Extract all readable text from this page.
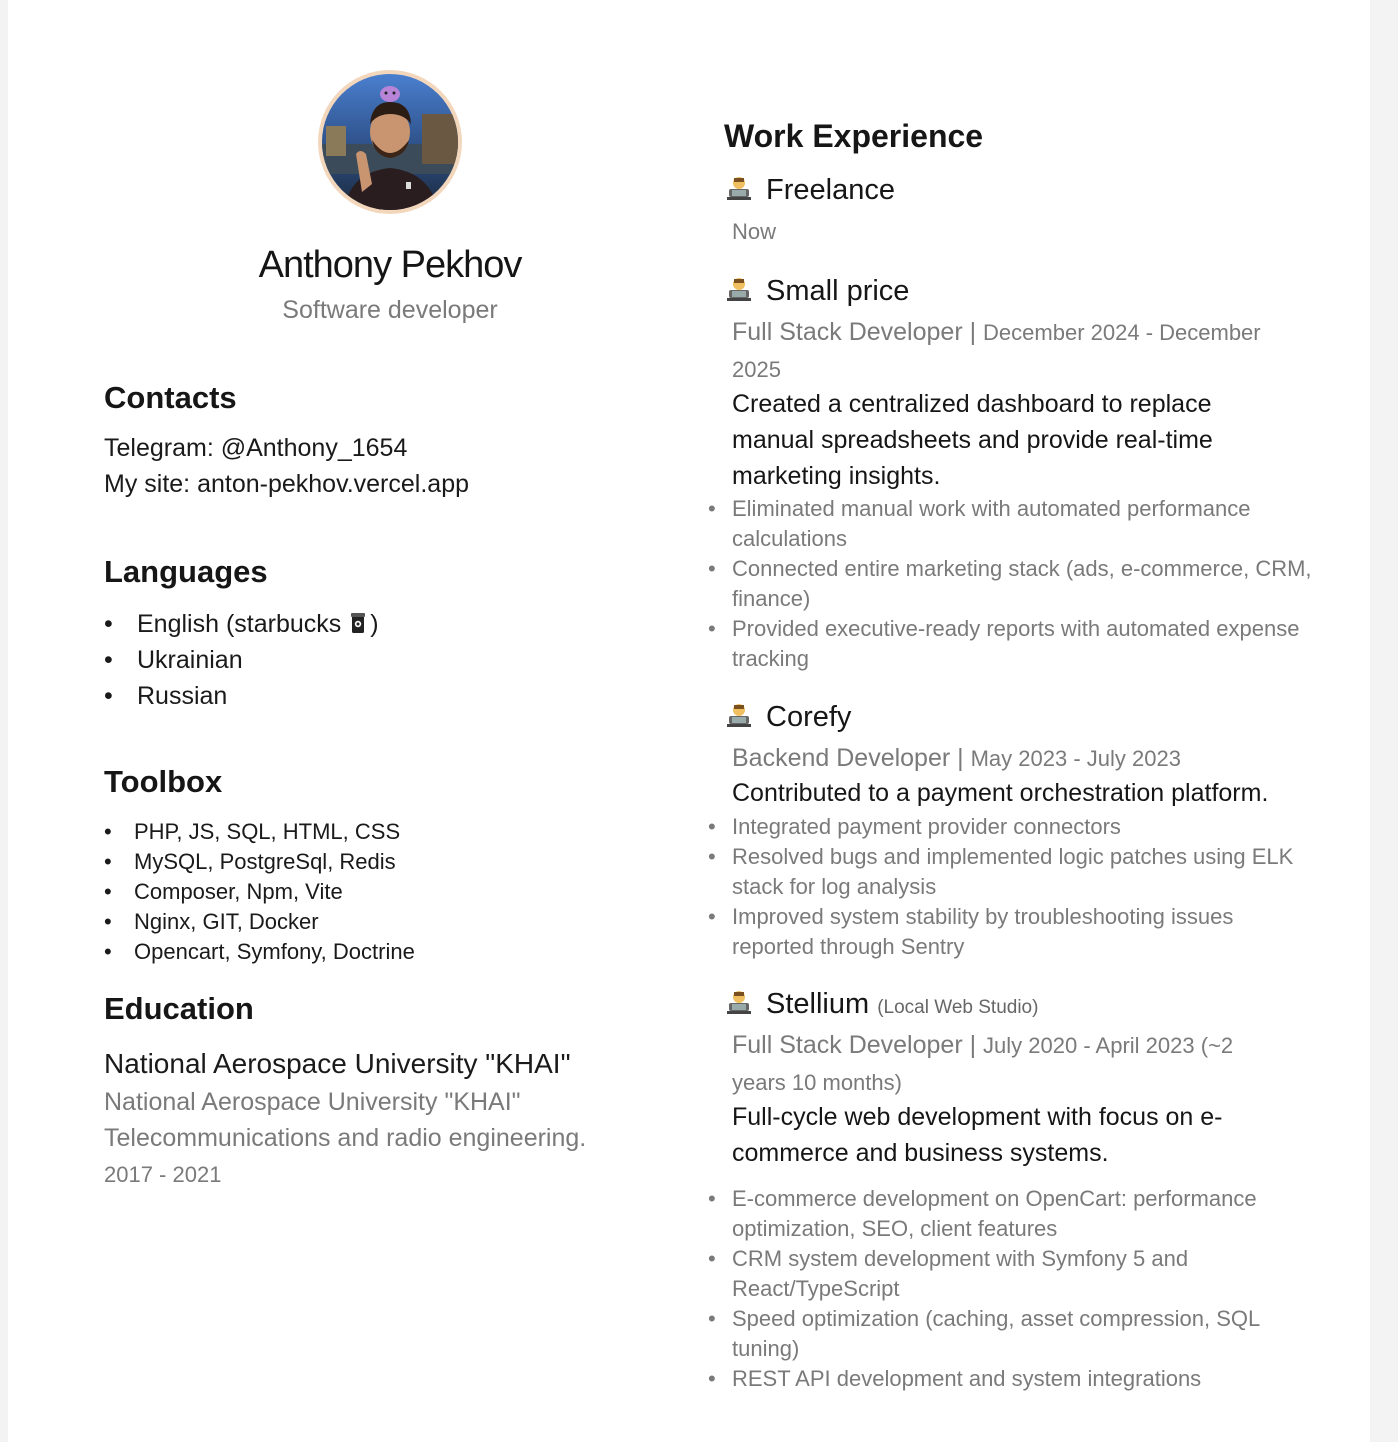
Anthony Pekhov
Software developer
Contacts
Telegram: @Anthony_1654
My site: anton-pekhov.vercel.app
Languages
• English (starbucks )
• Ukrainian
• Russian
Toolbox
• PHP, JS, SQL, HTML, CSS
• MySQL, PostgreSql, Redis
• Composer, Npm, Vite
• Nginx, GIT, Docker
• Opencart, Symfony, Doctrine
Education
National Aerospace University "KHAI"
National Aerospace University "KHAI"
Telecommunications and radio engineering.
2017 - 2021
Work Experience
Freelance
Now
Small price
Full Stack Developer | December 2024 - December 2025
Created a centralized dashboard to replace manual spreadsheets and provide real-time marketing insights.
• Eliminated manual work with automated performance calculations
• Connected entire marketing stack (ads, e-commerce, CRM, finance)
• Provided executive-ready reports with automated expense tracking
Corefy
Backend Developer | May 2023 - July 2023
Contributed to a payment orchestration platform.
• Integrated payment provider connectors
• Resolved bugs and implemented logic patches using ELK stack for log analysis
• Improved system stability by troubleshooting issues reported through Sentry
Stellium (Local Web Studio)
Full Stack Developer | July 2020 - April 2023 (~2 years 10 months)
Full-cycle web development with focus on e-commerce and business systems.
• E-commerce development on OpenCart: performance optimization, SEO, client features
• CRM system development with Symfony 5 and React/TypeScript
• Speed optimization (caching, asset compression, SQL tuning)
• REST API development and system integrations
